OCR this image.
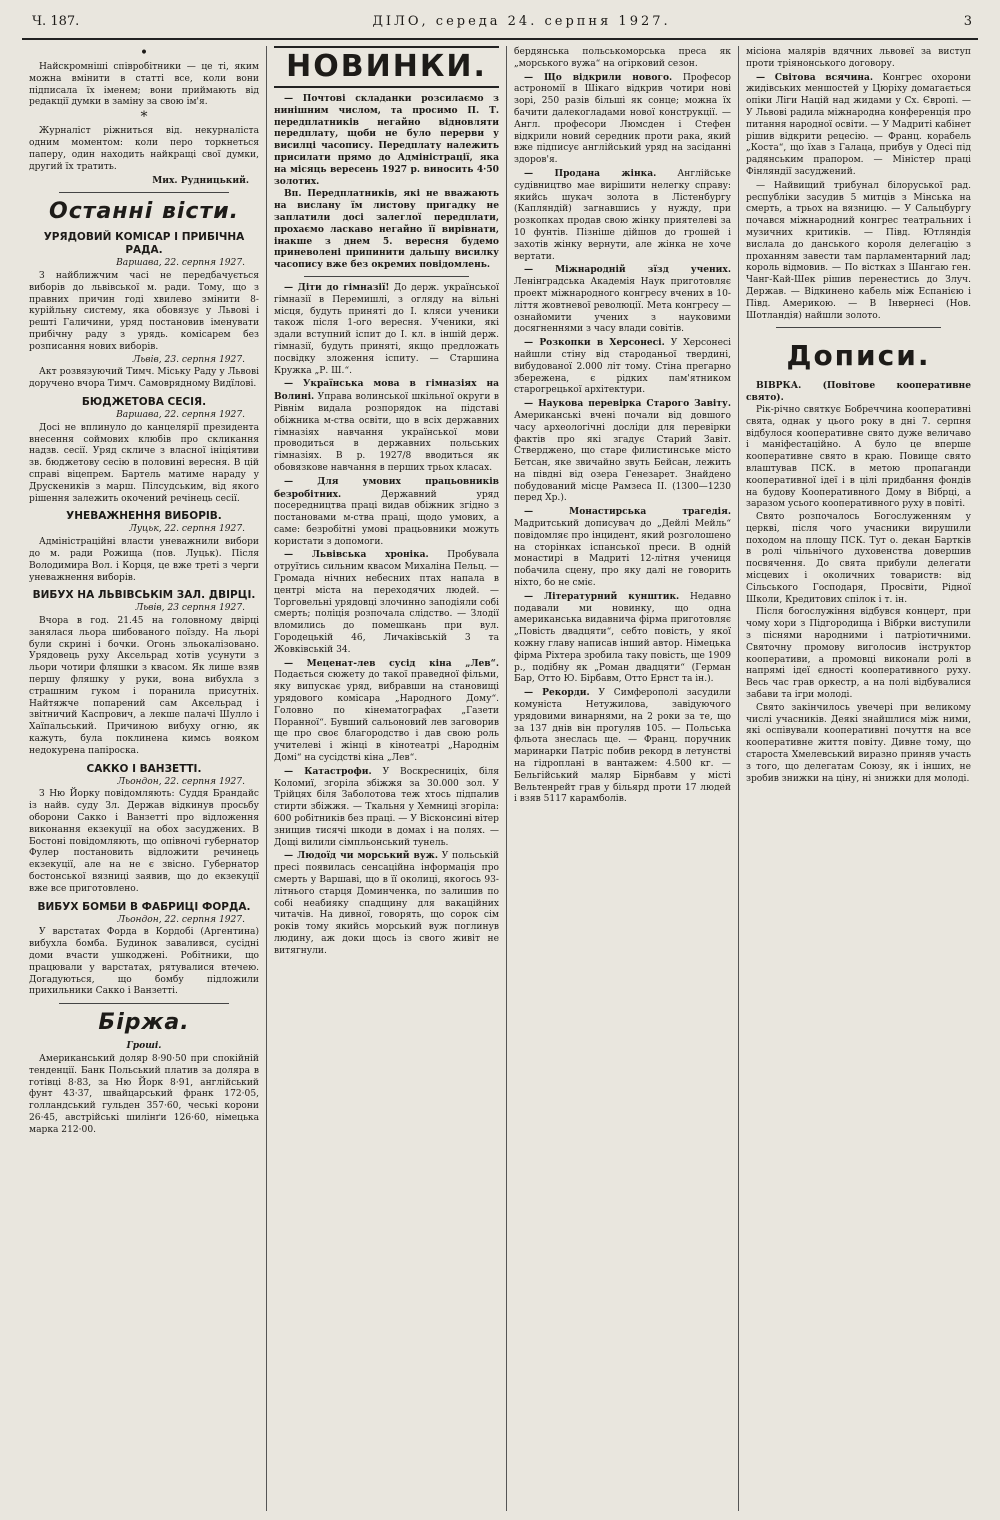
Ч. 187.	ДІЛО, середа 24. серпня 1927.	3
•

Найскромніші співробітники — це ті, яким можна вмінити в статті все, коли вони підписала їх іменем; вони приймають від редакції думки в заміну за свою ім'я.

*

Журналіст ріжниться від. некурналіста одним моментом: коли перо торкнеться паперу, один находить найкращі свої думки, другий їх тратить.

Мих. Рудницький.
Останні вісти.
УРЯДОВИЙ КОМІСАР І ПРИБІЧНА РАДА.
Варшава, 22. серпня 1927.

З найближчим часі не передбачується виборів до львівської м. ради. Тому, що з правних причин годі хвилево змінити 8-курійльну систему, яка обовязує у Львові і решті Галичини, уряд постановив іменувати прибічну раду з урядь. комісарем без розписання нових виборів.

Львів, 23. серпня 1927.

Акт розвязуючий Тимч. Міську Раду у Львові доручено вчора Тимч. Самоврядному Видїлові.

БЮДЖЕТОВА СЕСІЯ.
Варшава, 22. серпня 1927.

Досі не вплинуло до канцелярії президента внесення соймових клюбів про скликання надзв. сесії. Уряд скличе з власної ініціятиви зв. бюджетову сесію в половині вересня. В цій справі віцепрем. Бартель матиме нараду у Друскеників з марш. Пілсудським, від якого рішення залежить окочений речінець сесії.

УНЕВАЖНЕННЯ ВИБОРІВ.
Луцьк, 22. серпня 1927.

Адміністраційні власти уневажнили вибори до м. ради Рожища (пов. Луцьк). Після Володимира Вол. і Корця, це вже треті з черги уневажнення виборів.

ВИБУХ НА ЛЬВІВСЬКІМ ЗАЛ. ДВІРЦІ.
Львів, 23 серпня 1927.

Вчора в год. 21.45 на головному двірці занялася льора шибованого поїзду. На льорі були скрині і бочки. Огонь зльокалізовано. Урядовець руху Аксельрад хотів усунути з льори чотири фляшки з квасом. Як лише взяв першу фляшку у руки, вона вибухла з страшним гуком і поранила присутніх. Найтяжче попарений сам Аксельрад і звітничий Каспрович, а лекше палачі Шулло і Хаїпальський. Причиною вибуху огню, як кажуть, була поклинена кимсь вояком недокурена папіроска.

САККО І ВАНЗЕТТІ.
Льондон, 22. серпня 1927.

З Ню Йорку повідомляють: Суддя Брандайс із найв. суду Зл. Держав відкинув просьбу оборони Сакко і Ванзетті про відложення виконання екзекуції на обох засуджених. В Бостоні повідомляють, що опівночі губернатор Фулер постановить відложити речинець екзекуції, але на не є звісно. Губернатор бостонської вязниці заявив, що до екзекуції вже все приготовлено.

ВИБУХ БОМБИ В ФАБРИЦІ ФОРДА.
Льондон, 22. серпня 1927.

У варстатах Форда в Кордобі (Аргентина) вибухла бомба. Будинок завалився, сусідні доми вчасти ушкоджені. Робітники, що працювали у варстатах, рятувалися втечею. Догадуються, що бомбу підложили прихильники Сакко і Ванзетті.

Біржа.
Гроші.

Американський доляр 8·90·50 при спокійній тенденції. Банк Польський платив за доляра в готівці 8·83, за Ню Йорк 8·91, англійський фунт 43·37, швайцарський франк 172·05, голландський гульден 357·60, чеські корони 26·45, австрійські шилінґи 126·60, німецька марка 212·00.

НОВИНКИ.

— Почтові складанки розсилаємо з нинішним числом, та просимо П. Т. передплатників негайно відновляти передплату, щоби не було перерви у висилці часопису. Передплату належить присилати прямо до Адміністрації, яка на місяць вересень 1927 р. виносить 4·50 золотих.

Вп. Передплатників, які не вважають на вислану їм листову пригадку не заплатили досі залеглої передплати, прохаємо ласкаво негайно її вирівнати, інакше з днем 5. вересня будемо приневолені припинити дальшу висилку часопису вже без окремих повідомлень.

— Діти до гімназії! До держ. української гімназії в Перемишлі, з огляду на вільні місця, будуть приняті до І. кляси ученики також після 1-ого вересня. Ученики, які здали вступний іспит до І. кл. в іншій держ. гімназії, будуть приняті, якщо предложать посвідку зложення іспиту. — Старшина Кружка „Р. Ш.“.

— Українська мова в гімназіях на Волині. Управа волинської шкільної округи в Рівнім видала розпорядок на підставі обіжника м-ства освіти, що в всіх державних гімназіях навчання української мови проводиться в державних польських гімназіях. В р. 1927/8 вводиться як обовязкове навчання в перших трьох класах.

— Для умових працьовників безробітних.	Державний уряд посередництва праці видав обіжник згідно з постановами м-ства праці, щодо умових, а саме: безробітні умові працьовники можуть користати з допомоги.

— Львівська хроніка. Пробувала отруїтись сильним квасом Михаліна Пельц. — Громада нічних небесних птах напала в центрі міста на переходячих людей. — Торговельні урядовці злочинно заподіяли собі смерть; поліція розпочала слідство. — Злодії вломились до помешкань при вул. Городецькій 46, Личаківській 3 та Жовківській 34.

— Меценат-лев сусід кіна „Лев“. Подається сюжету до такої праведної фільми, яку випускає уряд, вибравши на становищі урядового комісара „Народного Дому“. Головно по кінематографах „Газети Поранної“. Бувший сальоновий лев заговорив ще про своє благородство і дав свою роль учителеві і жінці в кінотеатрі „Народнім Домі“ на сусідстві кіна „Лев“.

— Катастрофи. У Воскресниціх, біля Коломиї, згоріла збіжжя за 30.000 зол. У Трійцях біля Заболотова теж хтось підпалив стирти збіжжя. — Ткальня у Хемниці згоріла: 600 робітників без праці. — У Вісконсині вітер знищив тисячі шкоди в домах і на полях. — Дощі вилили сімпльонський тунель.

— Людоїд чи морський вуж. У польській пресі появилась сенсаційна інформація про смерть у Варшаві, що в її околиці, якогось 93-літнього старця Доминченка, по залишив по собі неабияку спадщину для вакаційних читачів. На дивної, говорять, що сорок сім років тому якийсь морський вуж поглинув людину, аж доки щось із свого живіт не витягнули.

бердянська польськоморська преса як „морського вужа“ на огірковий сезон.

— Що відкрили нового. Професор астрономії в Шікаго відкрив чотири нові зорі, 250 разів більші як сонце; можна їх бачити далекогладами нової конструкції. — Англ. професори Люмсден і Стефен відкрили новий середник проти рака, який вже підписує англійський уряд на засіданні здоров'я.

— Продана жінка. Англійське судівництво мае вирішити нелегку справу: якийсь шукач золота в Лістенбургу (Капляндій) загнавшись у нужду, при розкопках продав свою жінку приятелеві за 10 фунтів. Пізніше дійшов до грошей і захотів жінку вернути, але жінка не хоче вертати.

— Міжнародній зїзд учених. Ленінградська Академія Наук приготовляє проект міжнародного конгресу вчених в 10-ліття жовтневої революції. Мета конгресу — ознайомити учених з науковими досягненнями з часу влади совітів.

— Розкопки в Херсонесі. У Херсонесі найшли стіну від староданьої твердині, вибудованої 2.000 літ тому. Стіна прегарно збережена, є рідких пам'ятником старогрецької архітектури.

— Наукова перевірка Старого Завіту. Американські вчені почали від довшого часу археологічні досліди для перевірки фактів про які згадує Старий Завіт. Стверджено, що старе филистинське місто Бетсан, яке звичайно звуть Бейсан, лежить на півдні від озера Генезарет. Знайдено побудований місце Рамзеса ІІ. (1300—1230 перед Хр.).

— Монастирська трагедія. Мадритський дописувач до „Дейлі Мейль“ повідомляє про інцидент, який розголошено на сторінках іспанської преси. В одній монастирі в Мадриті 12-літня учениця побачила сцену, про яку далі не говорить ніхто, бо не сміє.

— Літературний кунштик. Недавно подавали ми новинку, що одна американська видавнича фірма приготовляє „Повість двадцяти“, себто повість, у якої кожну главу написав інший автор. Німецька фірма Ріхтера зробила таку повість, ще 1909 р., подібну як „Роман двадцяти“ (Герман Бар, Отто Ю. Бірбавм, Отто Ернст та ін.).

— Рекорди. У Симферополі засудили комуніста Нетужилова, завідуючого урядовими винарнями, на 2 роки за те, що за 137 днів він прогуляв 105. — Польська фльота знеслась ще. — Франц. поручник маринарки Патріс побив рекорд в летунстві на гідроплані в вантажем: 4.500 кг. — Бельгійський маляр Бірнбавм у місті Вельтенрейт грав у більярд проти 17 людей і взяв 5117 карамболів.

місіона малярів вдячних львовеї за виступ проти тріянонського договору.

— Світова всячина. Конгрес охорони жидівських меншостей у Цюріху домагається опіки Ліги Націй над жидами у Сх. Європі. — У Львові радила міжнародна конференція про питання народної освіти. — У Мадриті кабінет рішив відкрити рецесію. — Франц. корабель „Коста“, що їхав з Галаца, прибув у Одесі під радянським прапором. — Міністер праці Фінляндії засуджений.

— Найвищий трибунал білоруської рад. республіки засудив 5 митців з Мінська на смерть, а трьох на вязницю. — У Сальцбургу почався міжнародний конгрес театральних і музичних критиків. — Півд. Ютляндія вислала до данського короля делегацію з проханням завести там парламентарний лад; король відмовив. — По вістках з Шангаю ген. Чанг-Кай-Шек рішив перенестись до Злуч. Держав. — Відкинено кабель між Еспанією і Півд. Америкою. — В Інвернесі (Нов. Шотландія) найшли золото.

Дописи.

ВІВРКА. (Повітове кооперативне свято).

Рік-річно святкує Бобреччина кооперативні свята, однак у цього року в дні 7. серпня відбулося кооперативне свято дуже величаво і маніфестаційно. А було це вперше кооперативне свято в краю. Повище свято влаштував ПСК. в метою пропаганди кооперативної ідеї і в цілі придбання фондів на будову Кооперативного Дому в Вібрці, а заразом усього кооперативного руху в повіті.

Свято розпочалось Богослуженням у церкві, після чого учасники вирушили походом на площу ПСК. Тут о. декан Бартків в ролі чільнічого духовенства довершив посвячення. До свята прибули делегати місцевих і околичних товариств: від Сільського Господаря, Просвіти, Рідної Школи, Кредитових спілок і т. ін.

Після богослужіння відбувся концерт, при чому хори з Підгородища і Вібрки виступили з піснями народними і патріотичними. Святочну промову виголосив інструктор кооперативи, а промовці виконали ролі в напрямі ідеї єдності кооперативного руху. Весь час грав оркестр, а на полі відбувалися забави та ігри молоді.

Свято закінчилось увечері при великому числі учасників. Деякі знайшлися між ними, які оспівували кооперативні почуття на все кооперативне життя повіту. Дивне тому, що староста Хмелевський виразно приняв участь з того, що делегатам Союзу, як і інших, не зробив знижки на ціну, ні знижки для молоді.
